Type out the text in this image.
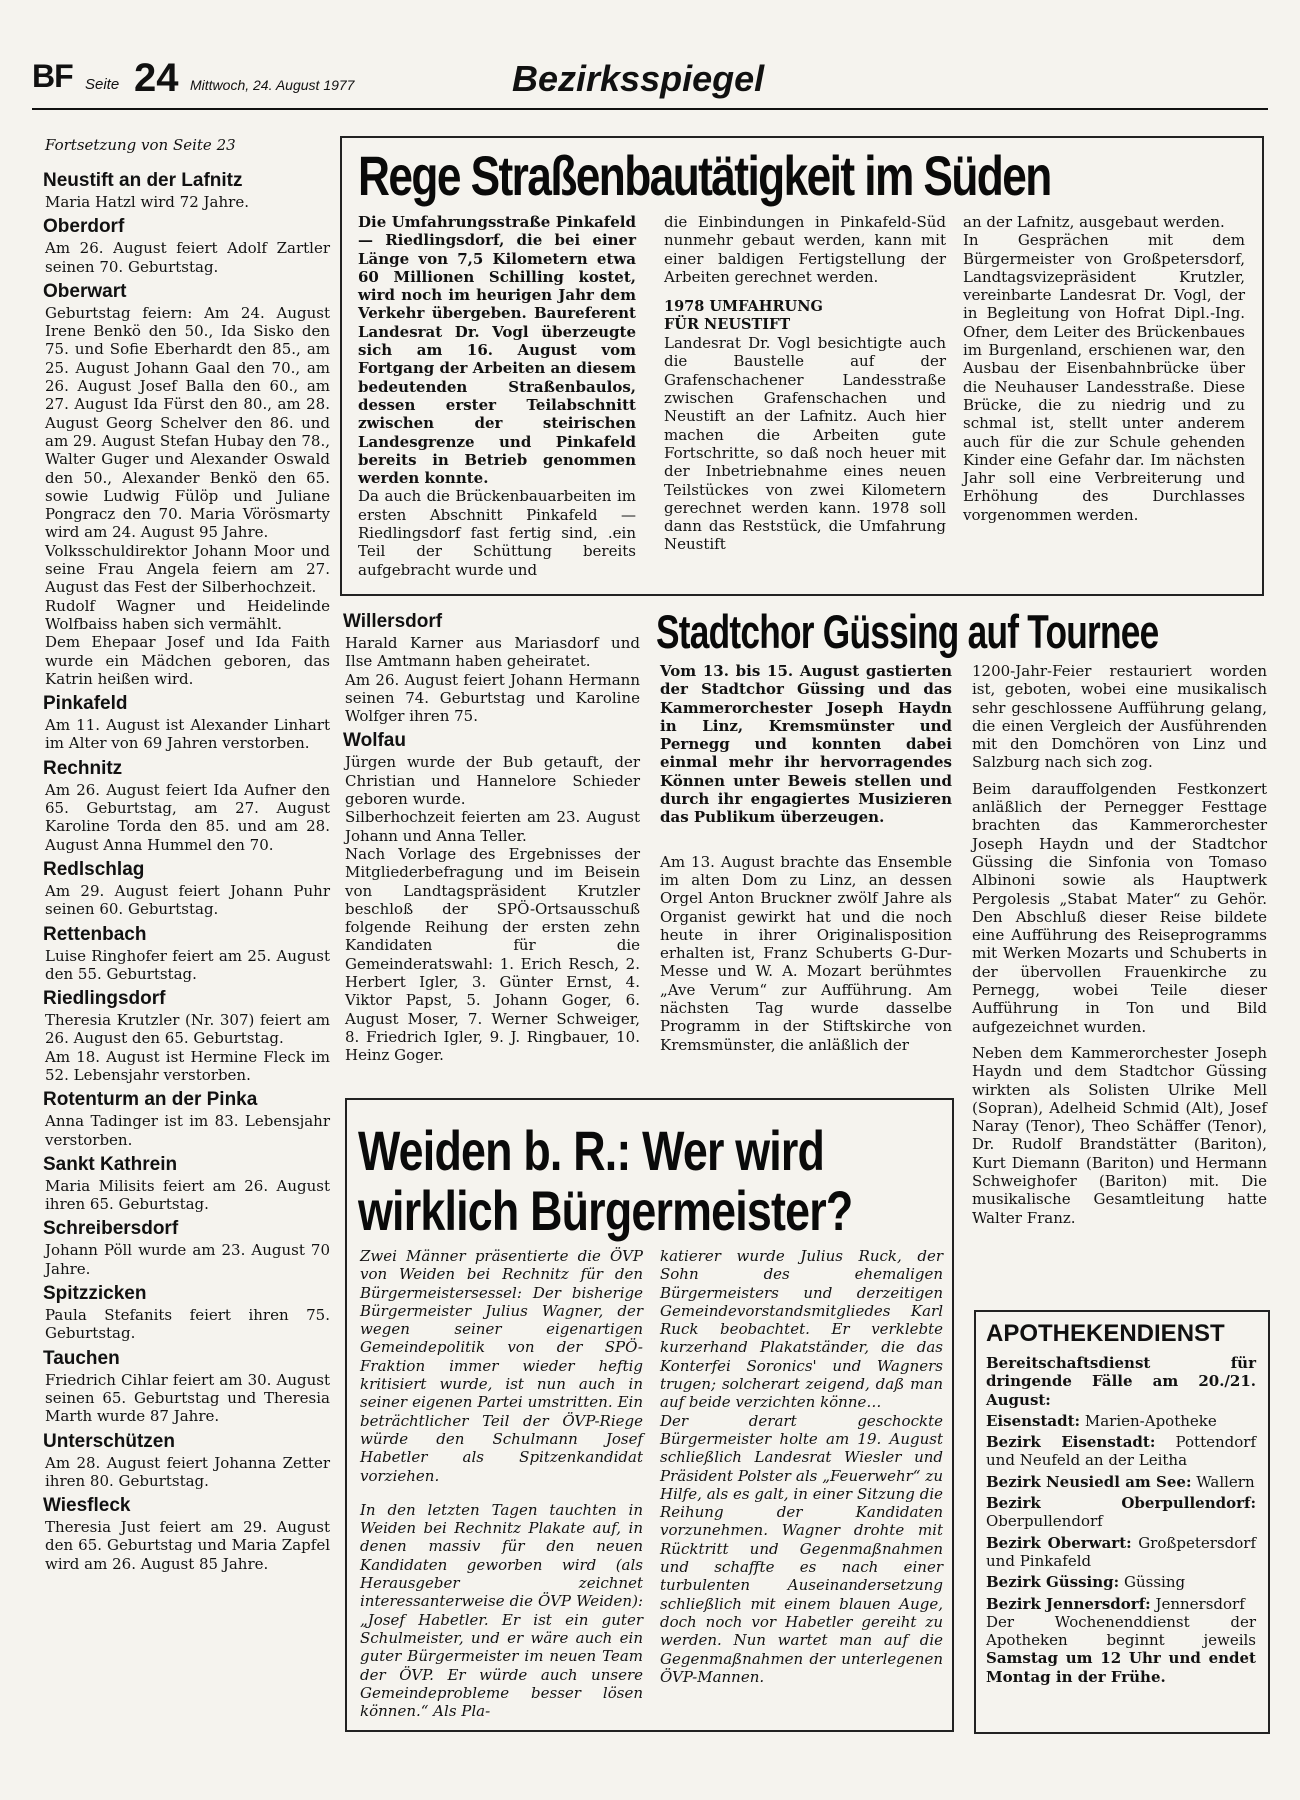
BF Seite 24 Mittwoch, 24. August 1977	Bezirksspiegel
Fortsetzung von Seite 23
Neustift an der Lafnitz

Maria Hatzl wird 72 Jahre.

Oberdorf

Am 26. August feiert Adolf Zartler seinen 70. Geburtstag.

Oberwart

Geburtstag feiern: Am 24. August Irene Benkö den 50., Ida Sisko den 75. und Sofie Eberhardt den 85., am 25. August Johann Gaal den 70., am 26. August Josef Balla den 60., am 27. August Ida Fürst den 80., am 28. August Georg Schelver den 86. und am 29. August Stefan Hubay den 78., Walter Guger und Alexander Oswald den 50., Alexander Benkö den 65. sowie Ludwig Fülöp und Juliane Pongracz den 70. Maria Vörösmarty wird am 24. August 95 Jahre.

Volksschuldirektor Johann Moor und seine Frau Angela feiern am 27. August das Fest der Silberhochzeit.

Rudolf Wagner und Heidelinde Wolfbaiss haben sich vermählt.

Dem Ehepaar Josef und Ida Faith wurde ein Mädchen geboren, das Katrin heißen wird.

Pinkafeld

Am 11. August ist Alexander Linhart im Alter von 69 Jahren verstorben.

Rechnitz

Am 26. August feiert Ida Aufner den 65. Geburtstag, am 27. August Karoline Torda den 85. und am 28. August Anna Hummel den 70.

Redlschlag

Am 29. August feiert Johann Puhr seinen 60. Geburtstag.

Rettenbach

Luise Ringhofer feiert am 25. August den 55. Geburtstag.

Riedlingsdorf

Theresia Krutzler (Nr. 307) feiert am 26. August den 65. Geburtstag.

Am 18. August ist Hermine Fleck im 52. Lebensjahr verstorben.

Rotenturm an der Pinka

Anna Tadinger ist im 83. Lebensjahr verstorben.

Sankt Kathrein

Maria Milisits feiert am 26. August ihren 65. Geburtstag.

Schreibersdorf

Johann Pöll wurde am 23. August 70 Jahre.

Spitzzicken

Paula Stefanits feiert ihren 75. Geburtstag.

Tauchen

Friedrich Cihlar feiert am 30. August seinen 65. Geburtstag und Theresia Marth wurde 87 Jahre.

Unterschützen

Am 28. August feiert Johanna Zetter ihren 80. Geburtstag.

Wiesfleck

Theresia Just feiert am 29. August den 65. Geburtstag und Maria Zapfel wird am 26. August 85 Jahre.

Rege Straßenbautätigkeit im Süden

Die Umfahrungsstraße Pinkafeld — Riedlingsdorf, die bei einer Länge von 7,5 Kilometern etwa 60 Millionen Schilling kostet, wird noch im heurigen Jahr dem Verkehr übergeben. Baureferent Landesrat Dr. Vogl überzeugte sich am 16. August vom Fortgang der Arbeiten an diesem bedeutenden Straßenbaulos, dessen erster Teilabschnitt zwischen der steirischen Landesgrenze und Pinkafeld bereits in Betrieb genommen werden konnte.

Da auch die Brückenbauarbeiten im ersten Abschnitt Pinkafeld — Riedlingsdorf fast fertig sind, .ein Teil der Schüttung bereits aufgebracht wurde und

die Einbindungen in Pinkafeld-Süd nunmehr gebaut werden, kann mit einer baldigen Fertigstellung der Arbeiten gerechnet werden.

1978 UMFAHRUNG
FÜR NEUSTIFT

Landesrat Dr. Vogl besichtigte auch die Baustelle auf der Grafenschachener Landesstraße zwischen Grafenschachen und Neustift an der Lafnitz. Auch hier machen die Arbeiten gute Fortschritte, so daß noch heuer mit der Inbetriebnahme eines neuen Teilstückes von zwei Kilometern gerechnet werden kann. 1978 soll dann das Reststück, die Umfahrung Neustift

an der Lafnitz, ausgebaut werden.

In Gesprächen mit dem Bürgermeister von Großpetersdorf, Landtagsvizepräsident Krutzler, vereinbarte Landesrat Dr. Vogl, der in Begleitung von Hofrat Dipl.-Ing. Ofner, dem Leiter des Brückenbaues im Burgenland, erschienen war, den Ausbau der Eisenbahnbrücke über die Neuhauser Landesstraße. Diese Brücke, die zu niedrig und zu schmal ist, stellt unter anderem auch für die zur Schule gehenden Kinder eine Gefahr dar. Im nächsten Jahr soll eine Verbreiterung und Erhöhung des Durchlasses vorgenommen werden.

Willersdorf

Harald Karner aus Mariasdorf und Ilse Amtmann haben geheiratet.

Am 26. August feiert Johann Hermann seinen 74. Geburtstag und Karoline Wolfger ihren 75.

Wolfau

Jürgen wurde der Bub getauft, der Christian und Hannelore Schieder geboren wurde.

Silberhochzeit feierten am 23. August Johann und Anna Teller.

Nach Vorlage des Ergebnisses der Mitgliederbefragung und im Beisein von Landtagspräsident Krutzler beschloß der SPÖ-Ortsausschuß folgende Reihung der ersten zehn Kandidaten für die Gemeinderatswahl: 1. Erich Resch, 2. Herbert Igler, 3. Günter Ernst, 4. Viktor Papst, 5. Johann Goger, 6. August Moser, 7. Werner Schweiger, 8. Friedrich Igler, 9. J. Ringbauer, 10. Heinz Goger.

Stadtchor Güssing auf Tournee

Vom 13. bis 15. August gastierten der Stadtchor Güssing und das Kammerorchester Joseph Haydn in Linz, Kremsmünster und Pernegg und konnten dabei einmal mehr ihr hervorragendes Können unter Beweis stellen und durch ihr engagiertes Musizieren das Publikum überzeugen.

Am 13. August brachte das Ensemble im alten Dom zu Linz, an dessen Orgel Anton Bruckner zwölf Jahre als Organist gewirkt hat und die noch heute in ihrer Originalisposition erhalten ist, Franz Schuberts G-Dur-Messe und W. A. Mozart berühmtes „Ave Verum“ zur Aufführung. Am nächsten Tag wurde dasselbe Programm in der Stiftskirche von Kremsmünster, die anläßlich der

1200-Jahr-Feier restauriert worden ist, geboten, wobei eine musikalisch sehr geschlossene Aufführung gelang, die einen Vergleich der Ausführenden mit den Domchören von Linz und Salzburg nach sich zog.

Beim darauffolgenden Festkonzert anläßlich der Pernegger Festtage brachten das Kammerorchester Joseph Haydn und der Stadtchor Güssing die Sinfonia von Tomaso Albinoni sowie als Hauptwerk Pergolesis „Stabat Mater“ zu Gehör. Den Abschluß dieser Reise bildete eine Aufführung des Reiseprogramms mit Werken Mozarts und Schuberts in der übervollen Frauenkirche zu Pernegg, wobei Teile dieser Aufführung in Ton und Bild aufgezeichnet wurden.

Neben dem Kammerorchester Joseph Haydn und dem Stadtchor Güssing wirkten als Solisten Ulrike Mell (Sopran), Adelheid Schmid (Alt), Josef Naray (Tenor), Theo Schäffer (Tenor), Dr. Rudolf Brandstätter (Bariton), Kurt Diemann (Bariton) und Hermann Schweighofer (Bariton) mit. Die musikalische Gesamtleitung hatte Walter Franz.

Weiden b. R.: Wer wird
wirklich Bürgermeister?

Zwei Männer präsentierte die ÖVP von Weiden bei Rechnitz für den Bürgermeistersessel: Der bisherige Bürgermeister Julius Wagner, der wegen seiner eigenartigen Gemeindepolitik von der SPÖ-Fraktion immer wieder heftig kritisiert wurde, ist nun auch in seiner eigenen Partei umstritten. Ein beträchtlicher Teil der ÖVP-Riege würde den Schulmann Josef Habetler als Spitzenkandidat vorziehen.

In den letzten Tagen tauchten in Weiden bei Rechnitz Plakate auf, in denen massiv für den neuen Kandidaten geworben wird (als Herausgeber zeichnet interessanterweise die ÖVP Weiden): „Josef Habetler. Er ist ein guter Schulmeister, und er wäre auch ein guter Bürgermeister im neuen Team der ÖVP. Er würde auch unsere Gemeindeprobleme besser lösen können.“ Als Pla-

katierer wurde Julius Ruck, der Sohn des ehemaligen Bürgermeisters und derzeitigen Gemeindevorstandsmitgliedes Karl Ruck beobachtet. Er verklebte kurzerhand Plakatständer, die das Konterfei Soronics' und Wagners trugen; solcherart zeigend, daß man auf beide verzichten könne…

Der derart geschockte Bürgermeister holte am 19. August schließlich Landesrat Wiesler und Präsident Polster als „Feuerwehr“ zu Hilfe, als es galt, in einer Sitzung die Reihung der Kandidaten vorzunehmen. Wagner drohte mit Rücktritt und Gegenmaßnahmen und schaffte es nach einer turbulenten Auseinandersetzung schließlich mit einem blauen Auge, doch noch vor Habetler gereiht zu werden. Nun wartet man auf die Gegenmaßnahmen der unterlegenen ÖVP-Mannen.

APOTHEKENDIENST

Bereitschaftsdienst für dringende Fälle am 20./21. August:

Eisenstadt: Marien-Apotheke

Bezirk Eisenstadt: Pottendorf und Neufeld an der Leitha

Bezirk Neusiedl am See: Wallern

Bezirk Oberpullendorf: Oberpullendorf

Bezirk Oberwart: Großpetersdorf und Pinkafeld

Bezirk Güssing: Güssing

Bezirk Jennersdorf: Jennersdorf

Der Wochenenddienst der Apotheken beginnt jeweils Samstag um 12 Uhr und endet Montag in der Frühe.
